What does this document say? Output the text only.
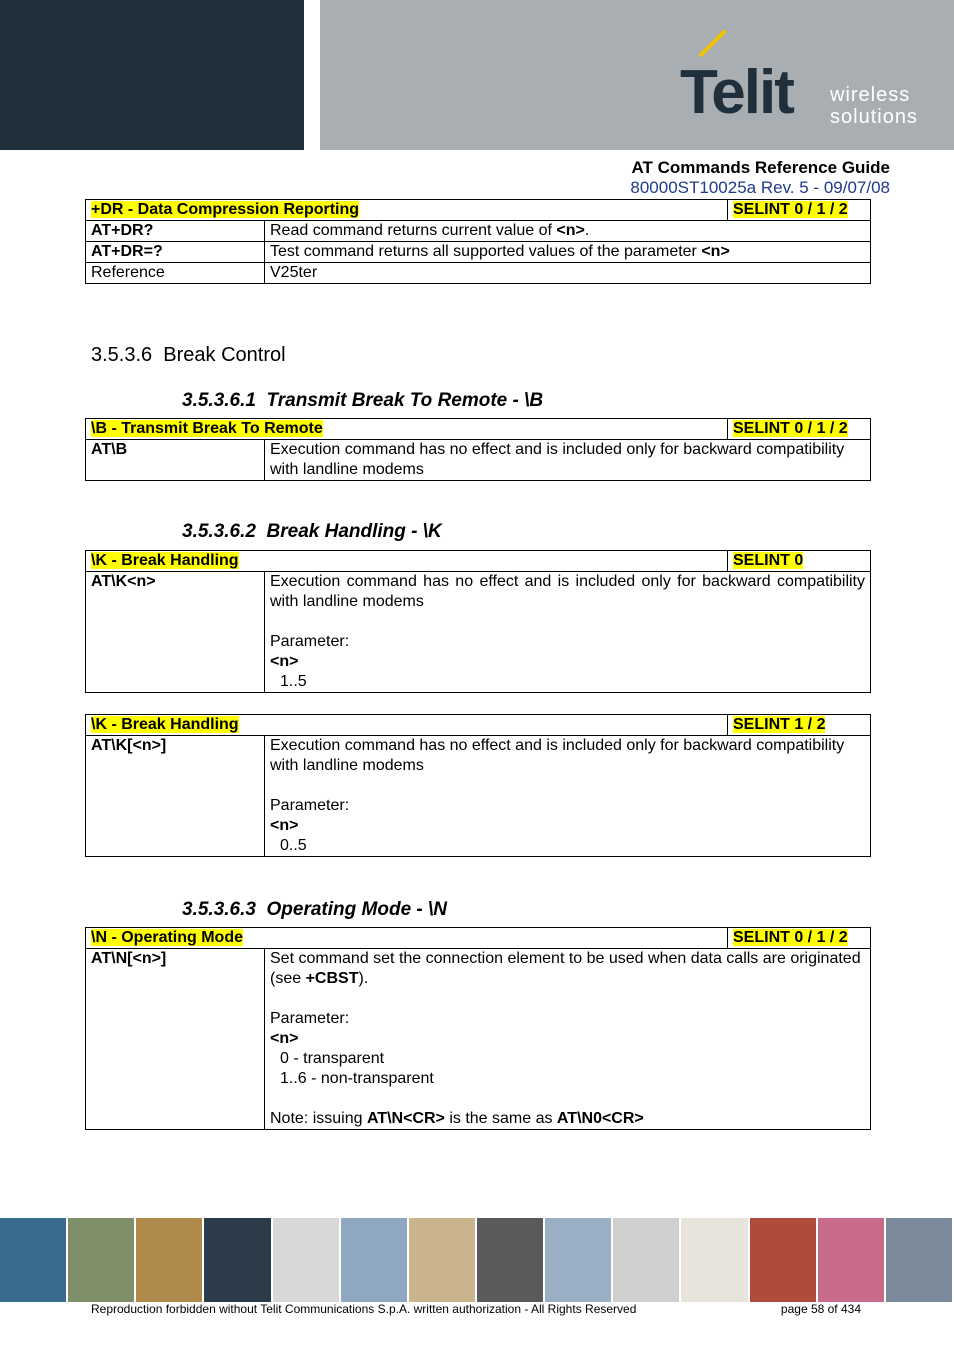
Telit wireless
solutions
AT Commands Reference Guide
80000ST10025a Rev. 5 - 09/07/08
+DR - Data Compression Reporting SELINT 0 / 1 / 2	

AT+DR?	Read command returns current value of <n>.
AT+DR=?	Test command returns all supported values of the parameter <n>
Reference	V25ter
3.5.3.6 Break Control
3.5.3.6.1 Transmit Break To Remote - \B
\B - Transmit Break To Remote	SELINT 0 / 1 / 2

AT\B	Execution command has no effect and is included only for backward compatibility with landline modems
3.5.3.6.2 Break Handling - \K
\K - Break Handling	SELINT 0

AT\K<n>	Execution command has no effect and is included only for backward compatibility with landline modems

Parameter:
<n>
1..5
\K - Break Handling	SELINT 1 / 2

AT\K[<n>]	Execution command has no effect and is included only for backward compatibility with landline modems

Parameter:
<n>
0..5
3.5.3.6.3 Operating Mode - \N
\N - Operating Mode	SELINT 0 / 1 / 2

AT\N[<n>]	Set command set the connection element to be used when data calls are originated (see +CBST).

Parameter:
<n>
0 - transparent
1..6 - non-transparent

Note: issuing AT\N<CR> is the same as AT\N0<CR>
Reproduction forbidden without Telit Communications S.p.A. written authorization - All Rights Reserved	page 58 of 434
